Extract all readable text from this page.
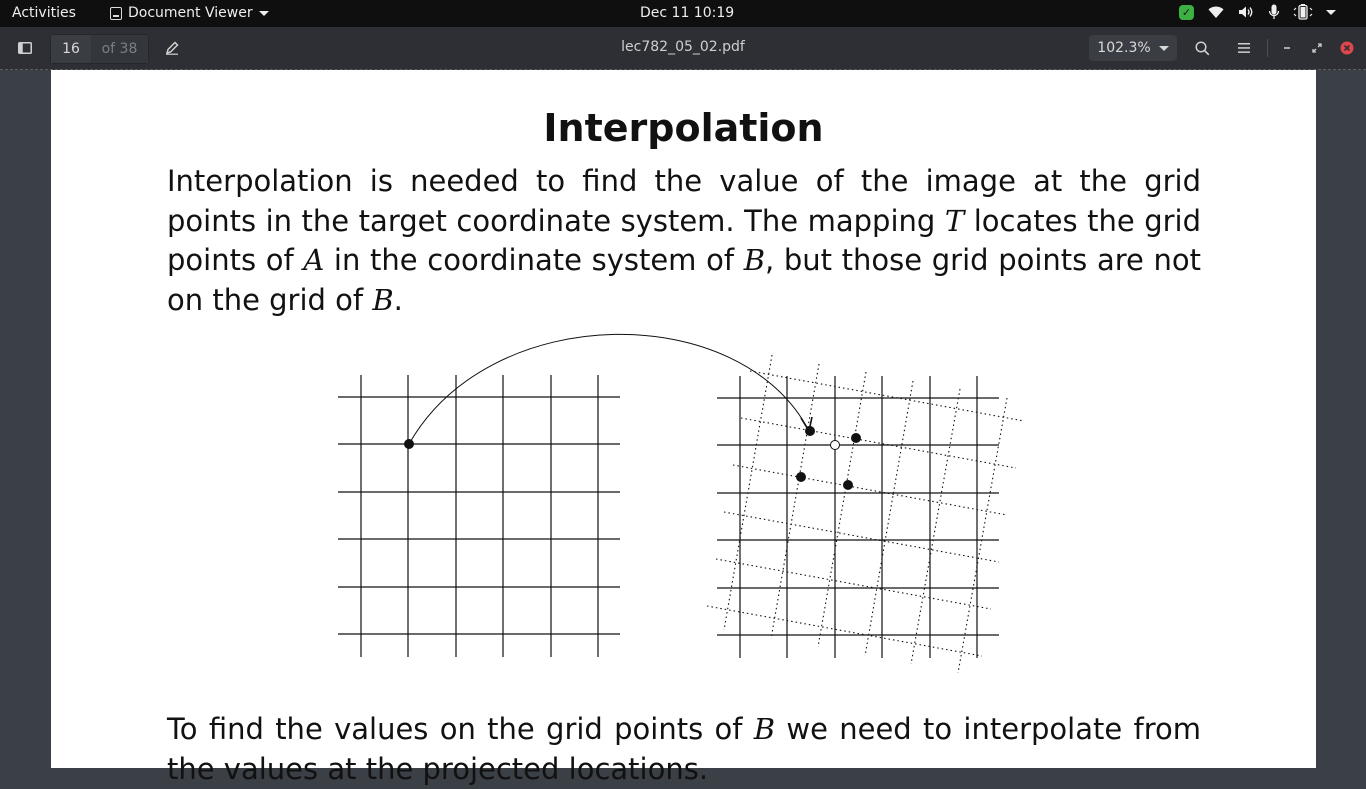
Activities	Document Viewer	Dec 11 10:19	✓
16	of 38	lec782_05_02.pdf	102.3%
Interpolation
Interpolation is needed to find the value of the image at the grid points in the target coordinate system. The mapping T locates the grid points of A in the coordinate system of B, but those grid points are not on the grid of B.
To find the values on the grid points of B we need to interpolate from the values at the projected locations.
